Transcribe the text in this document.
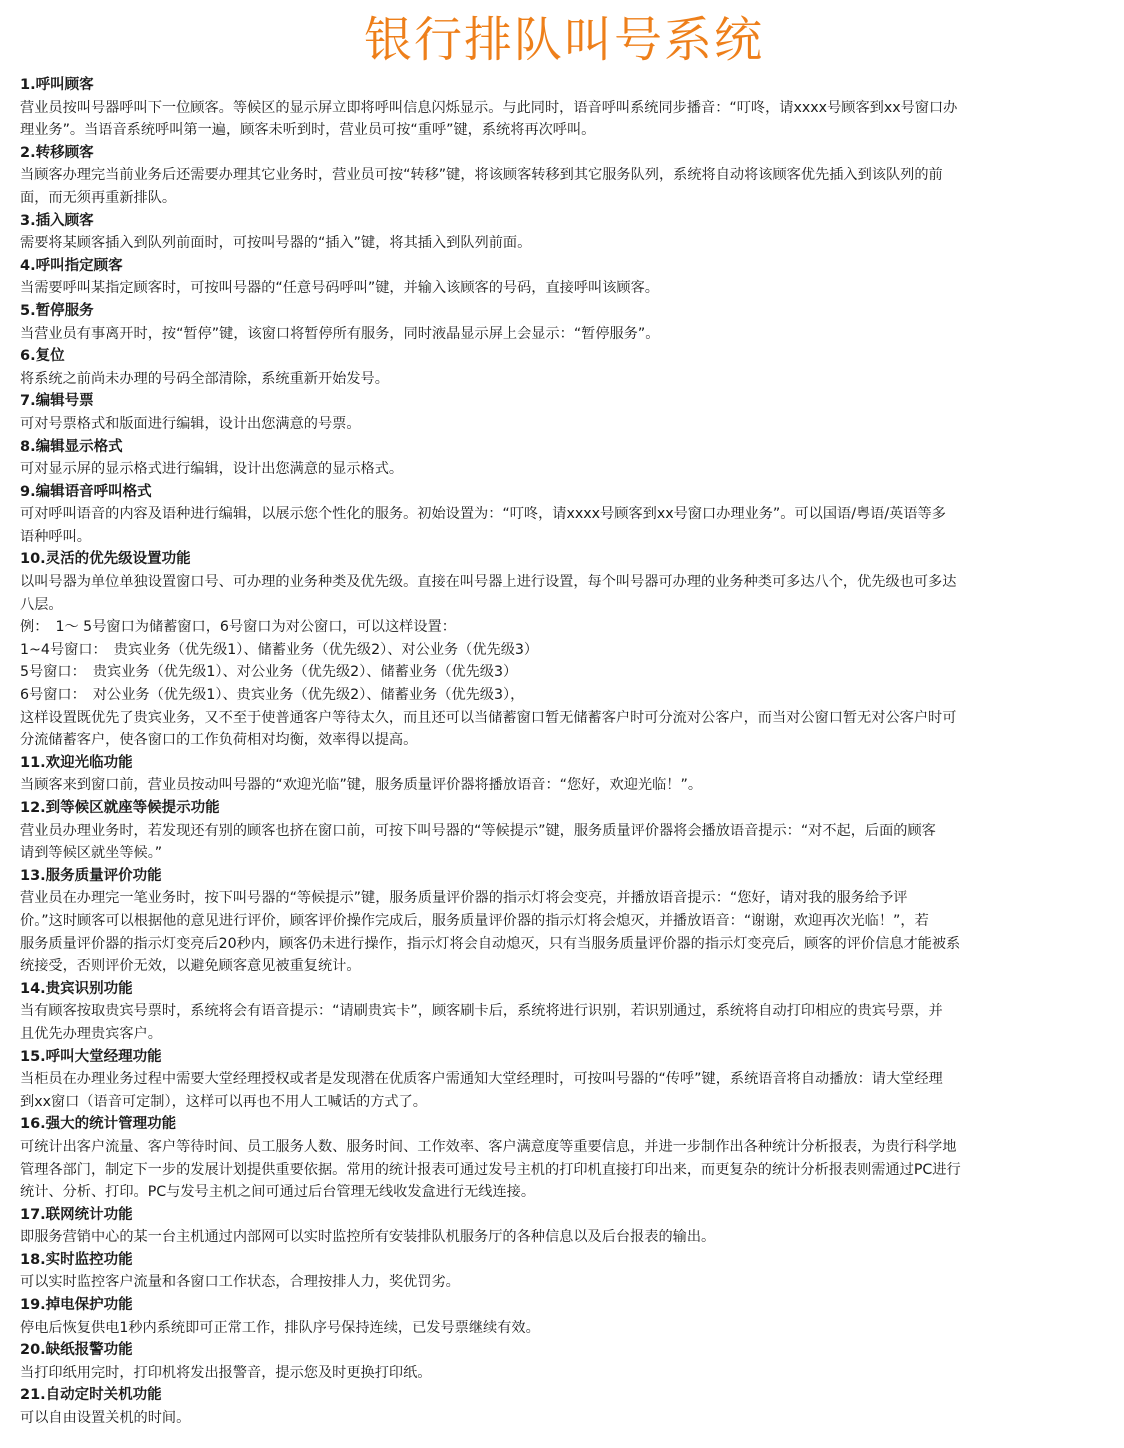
银行排队叫号系统
1.呼叫顾客
营业员按叫号器呼叫下一位顾客。等候区的显示屏立即将呼叫信息闪烁显示。与此同时，语音呼叫系统同步播音：“叮咚，请xxxx号顾客到xx号窗口办
理业务”。当语音系统呼叫第一遍，顾客未听到时，营业员可按“重呼”键，系统将再次呼叫。
2.转移顾客
当顾客办理完当前业务后还需要办理其它业务时，营业员可按“转移”键，将该顾客转移到其它服务队列，系统将自动将该顾客优先插入到该队列的前
面，而无须再重新排队。
3.插入顾客
需要将某顾客插入到队列前面时，可按叫号器的“插入”键，将其插入到队列前面。
4.呼叫指定顾客
当需要呼叫某指定顾客时，可按叫号器的“任意号码呼叫”键，并输入该顾客的号码，直接呼叫该顾客。
5.暂停服务
当营业员有事离开时，按“暂停”键，该窗口将暂停所有服务，同时液晶显示屏上会显示：“暂停服务”。
6.复位
将系统之前尚未办理的号码全部清除，系统重新开始发号。
7.编辑号票
可对号票格式和版面进行编辑，设计出您满意的号票。
8.编辑显示格式
可对显示屏的显示格式进行编辑，设计出您满意的显示格式。
9.编辑语音呼叫格式
可对呼叫语音的内容及语种进行编辑，以展示您个性化的服务。初始设置为：“叮咚，请xxxx号顾客到xx号窗口办理业务”。可以国语/粤语/英语等多
语种呼叫。
10.灵活的优先级设置功能
以叫号器为单位单独设置窗口号、可办理的业务种类及优先级。直接在叫号器上进行设置，每个叫号器可办理的业务种类可多达八个，优先级也可多达
八层。
例：　1～ 5号窗口为储蓄窗口，6号窗口为对公窗口，可以这样设置：
1~4号窗口：　贵宾业务（优先级1）、储蓄业务（优先级2）、对公业务（优先级3）
5号窗口：　贵宾业务（优先级1）、对公业务（优先级2）、储蓄业务（优先级3）
6号窗口：　对公业务（优先级1）、贵宾业务（优先级2）、储蓄业务（优先级3），
这样设置既优先了贵宾业务，又不至于使普通客户等待太久，而且还可以当储蓄窗口暂无储蓄客户时可分流对公客户，而当对公窗口暂无对公客户时可
分流储蓄客户，使各窗口的工作负荷相对均衡，效率得以提高。
11.欢迎光临功能
当顾客来到窗口前，营业员按动叫号器的“欢迎光临”键，服务质量评价器将播放语音：“您好，欢迎光临！”。
12.到等候区就座等候提示功能
营业员办理业务时，若发现还有别的顾客也挤在窗口前，可按下叫号器的“等候提示”键，服务质量评价器将会播放语音提示：“对不起，后面的顾客
请到等候区就坐等候。”
13.服务质量评价功能
营业员在办理完一笔业务时，按下叫号器的“等候提示”键，服务质量评价器的指示灯将会变亮，并播放语音提示：“您好，请对我的服务给予评
价。”这时顾客可以根据他的意见进行评价，顾客评价操作完成后，服务质量评价器的指示灯将会熄灭，并播放语音：“谢谢，欢迎再次光临！”，若
服务质量评价器的指示灯变亮后20秒内，顾客仍未进行操作，指示灯将会自动熄灭，只有当服务质量评价器的指示灯变亮后，顾客的评价信息才能被系
统接受，否则评价无效，以避免顾客意见被重复统计。
14.贵宾识别功能
当有顾客按取贵宾号票时，系统将会有语音提示：“请刷贵宾卡”，顾客刷卡后，系统将进行识别，若识别通过，系统将自动打印相应的贵宾号票，并
且优先办理贵宾客户。
15.呼叫大堂经理功能
当柜员在办理业务过程中需要大堂经理授权或者是发现潜在优质客户需通知大堂经理时，可按叫号器的“传呼”键，系统语音将自动播放：请大堂经理
到xx窗口（语音可定制），这样可以再也不用人工喊话的方式了。
16.强大的统计管理功能
可统计出客户流量、客户等待时间、员工服务人数、服务时间、工作效率、客户满意度等重要信息，并进一步制作出各种统计分析报表，为贵行科学地
管理各部门，制定下一步的发展计划提供重要依据。常用的统计报表可通过发号主机的打印机直接打印出来，而更复杂的统计分析报表则需通过PC进行
统计、分析、打印。PC与发号主机之间可通过后台管理无线收发盒进行无线连接。
17.联网统计功能
即服务营销中心的某一台主机通过内部网可以实时监控所有安装排队机服务厅的各种信息以及后台报表的输出。
18.实时监控功能
可以实时监控客户流量和各窗口工作状态，合理按排人力，奖优罚劣。
19.掉电保护功能
停电后恢复供电1秒内系统即可正常工作，排队序号保持连续，已发号票继续有效。
20.缺纸报警功能
当打印纸用完时，打印机将发出报警音，提示您及时更换打印纸。
21.自动定时关机功能
可以自由设置关机的时间。
